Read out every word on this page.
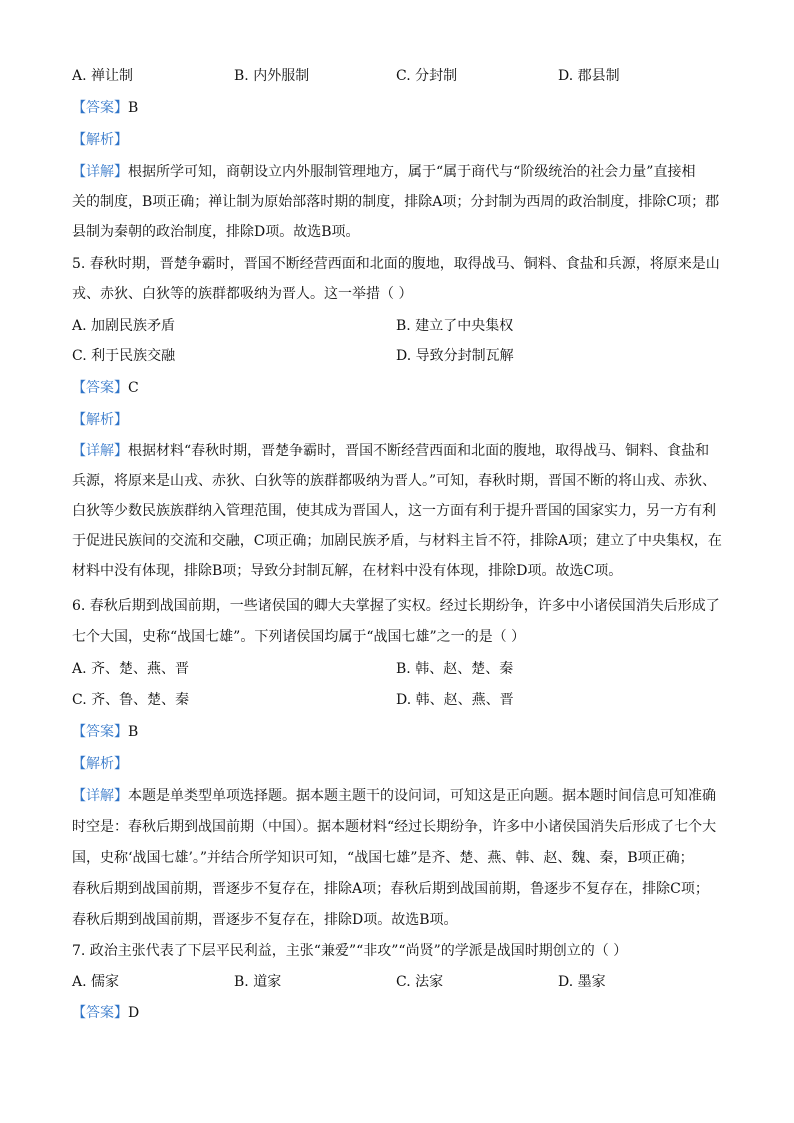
A. 禅让制	B. 内外服制	C. 分封制	D. 郡县制
【答案】B
【解析】
【详解】根据所学可知，商朝设立内外服制管理地方，属于“属于商代与“阶级统治的社会力量”直接相
关的制度，B项正确；禅让制为原始部落时期的制度，排除A项；分封制为西周的政治制度，排除C项；郡
县制为秦朝的政治制度，排除D项。故选B项。
5. 春秋时期，晋楚争霸时，晋国不断经营西面和北面的腹地，取得战马、铜料、食盐和兵源，将原来是山
戎、赤狄、白狄等的族群都吸纳为晋人。这一举措（ ）
A. 加剧民族矛盾	B. 建立了中央集权
C. 利于民族交融	D. 导致分封制瓦解
【答案】C
【解析】
【详解】根据材料“春秋时期，晋楚争霸时，晋国不断经营西面和北面的腹地，取得战马、铜料、食盐和
兵源，将原来是山戎、赤狄、白狄等的族群都吸纳为晋人。”可知，春秋时期，晋国不断的将山戎、赤狄、
白狄等少数民族族群纳入管理范围，使其成为晋国人，这一方面有利于提升晋国的国家实力，另一方有利
于促进民族间的交流和交融，C项正确；加剧民族矛盾，与材料主旨不符，排除A项；建立了中央集权，在
材料中没有体现，排除B项；导致分封制瓦解，在材料中没有体现，排除D项。故选C项。
6. 春秋后期到战国前期，一些诸侯国的卿大夫掌握了实权。经过长期纷争，许多中小诸侯国消失后形成了
七个大国，史称“战国七雄”。下列诸侯国均属于“战国七雄”之一的是（ ）
A. 齐、楚、燕、晋	B. 韩、赵、楚、秦
C. 齐、鲁、楚、秦	D. 韩、赵、燕、晋
【答案】B
【解析】
【详解】本题是单类型单项选择题。据本题主题干的设问词，可知这是正向题。据本题时间信息可知准确
时空是：春秋后期到战国前期（中国）。据本题材料“经过长期纷争，许多中小诸侯国消失后形成了七个大
国，史称‘战国七雄’。”并结合所学知识可知，“战国七雄”是齐、楚、燕、韩、赵、魏、秦，B项正确；
春秋后期到战国前期，晋逐步不复存在，排除A项；春秋后期到战国前期，鲁逐步不复存在，排除C项；
春秋后期到战国前期，晋逐步不复存在，排除D项。故选B项。
7. 政治主张代表了下层平民利益，主张“兼爱”“非攻”“尚贤”的学派是战国时期创立的（ ）
A. 儒家	B. 道家	C. 法家	D. 墨家
【答案】D
